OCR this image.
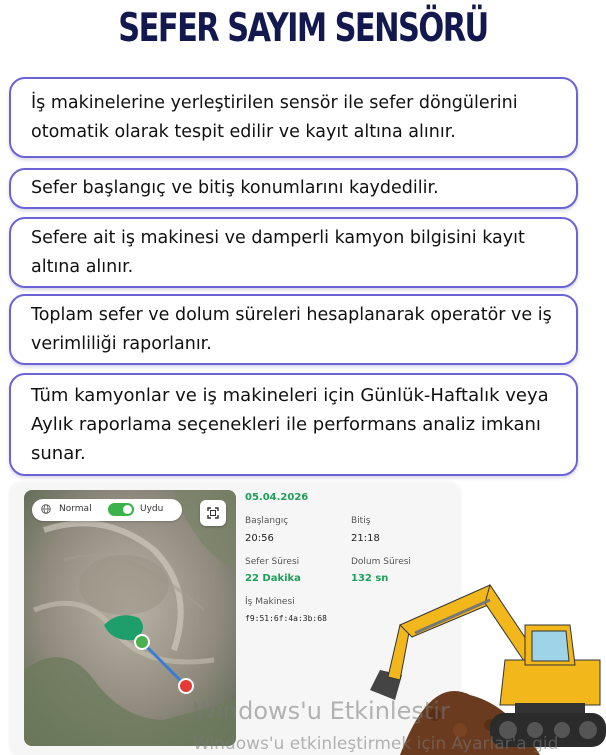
SEFER SAYIM SENSÖRÜ
İş makinelerine yerleştirilen sensör ile sefer döngülerini otomatik olarak tespit edilir ve kayıt altına alınır.
Sefer başlangıç ve bitiş konumlarını kaydedilir.
Sefere ait iş makinesi ve damperli kamyon bilgisini kayıt altına alınır.
Toplam sefer ve dolum süreleri hesaplanarak operatör ve iş verimliliği raporlanır.
Tüm kamyonlar ve iş makineleri için Günlük-Haftalık veya Aylık raporlama seçenekleri ile performans analiz imkanı sunar.
Normal	Uydu
05.04.2026
Başlangıç
20:56
Bitiş
21:18
Sefer Süresi
22 Dakika
Dolum Süresi
132 sn
İş Makinesi
f9:51:6f:4a:3b:68
Windows'u Etkinleştir
Windows'u etkinleştirmek için Ayarlar'a gid
